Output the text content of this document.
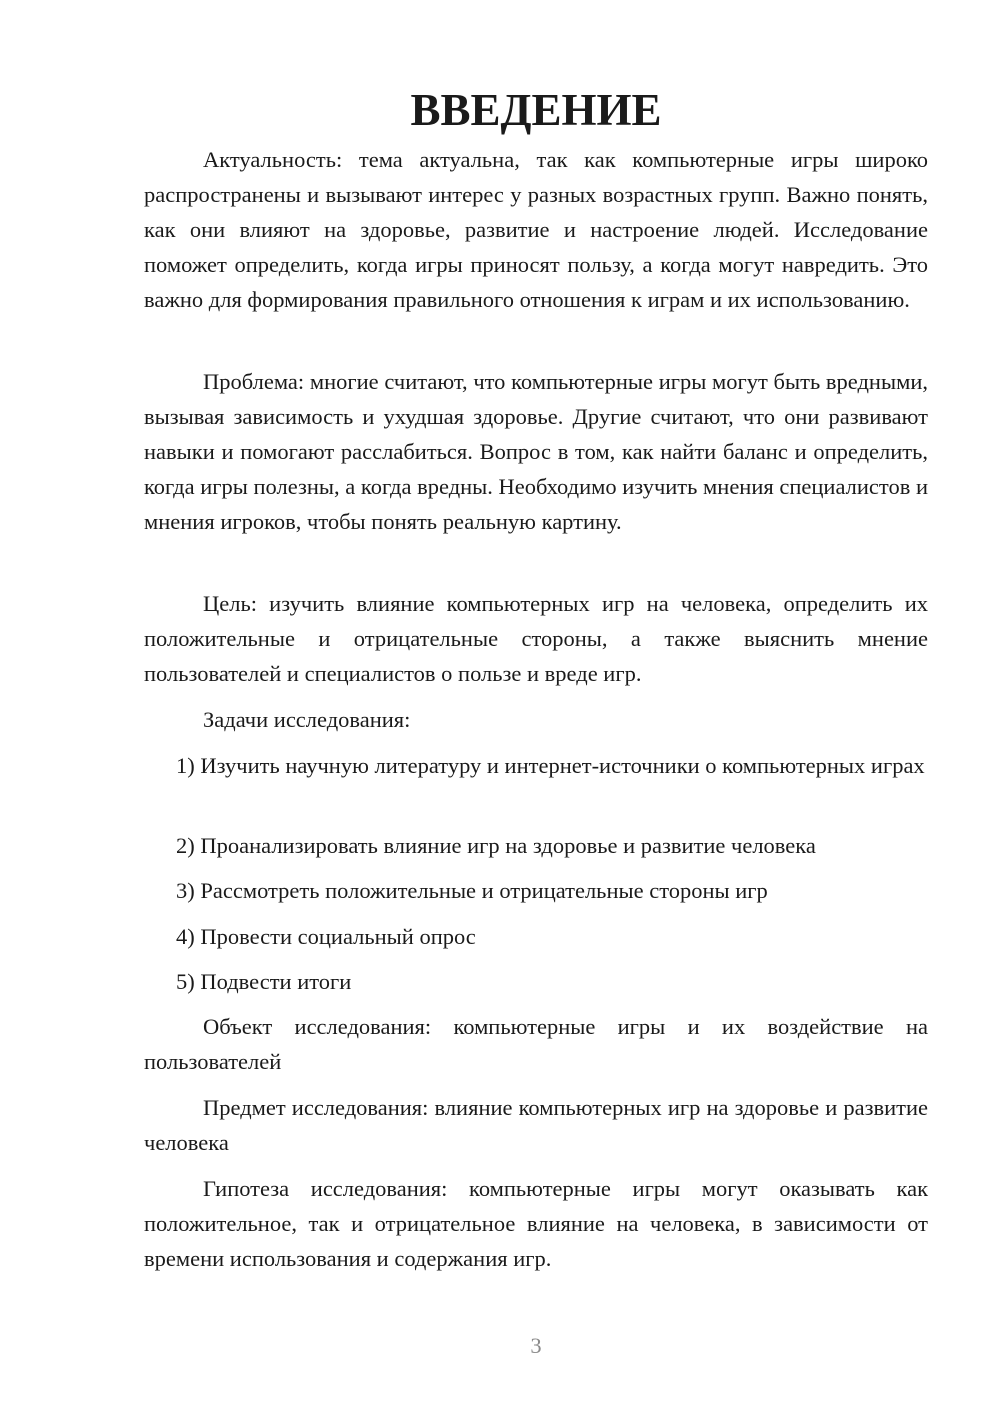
ВВЕДЕНИЕ

Актуальность: тема актуальна, так как компьютерные игры широко распространены и вызывают интерес у разных возрастных групп. Важно понять, как они влияют на здоровье, развитие и настроение людей. Исследование поможет определить, когда игры приносят пользу, а когда могут навредить. Это важно для формирования правильного отношения к играм и их использованию.

Проблема: многие считают, что компьютерные игры могут быть вредными, вызывая зависимость и ухудшая здоровье. Другие считают, что они развивают навыки и помогают расслабиться. Вопрос в том, как найти баланс и определить, когда игры полезны, а когда вредны. Необходимо изучить мнения специалистов и мнения игроков, чтобы понять реальную картину.

Цель: изучить влияние компьютерных игр на человека, определить их положительные и отрицательные стороны, а также выяснить мнение пользователей и специалистов о пользе и вреде игр.

Задачи исследования:

1) Изучить научную литературу и интернет-источники о компьютерных играх

2) Проанализировать влияние игр на здоровье и развитие человека

3) Рассмотреть положительные и отрицательные стороны игр

4) Провести социальный опрос

5) Подвести итоги

Объект исследования: компьютерные игры и их воздействие на пользователей

Предмет исследования: влияние компьютерных игр на здоровье и развитие человека

Гипотеза исследования: компьютерные игры могут оказывать как положительное, так и отрицательное влияние на человека, в зависимости от времени использования и содержания игр.

3
